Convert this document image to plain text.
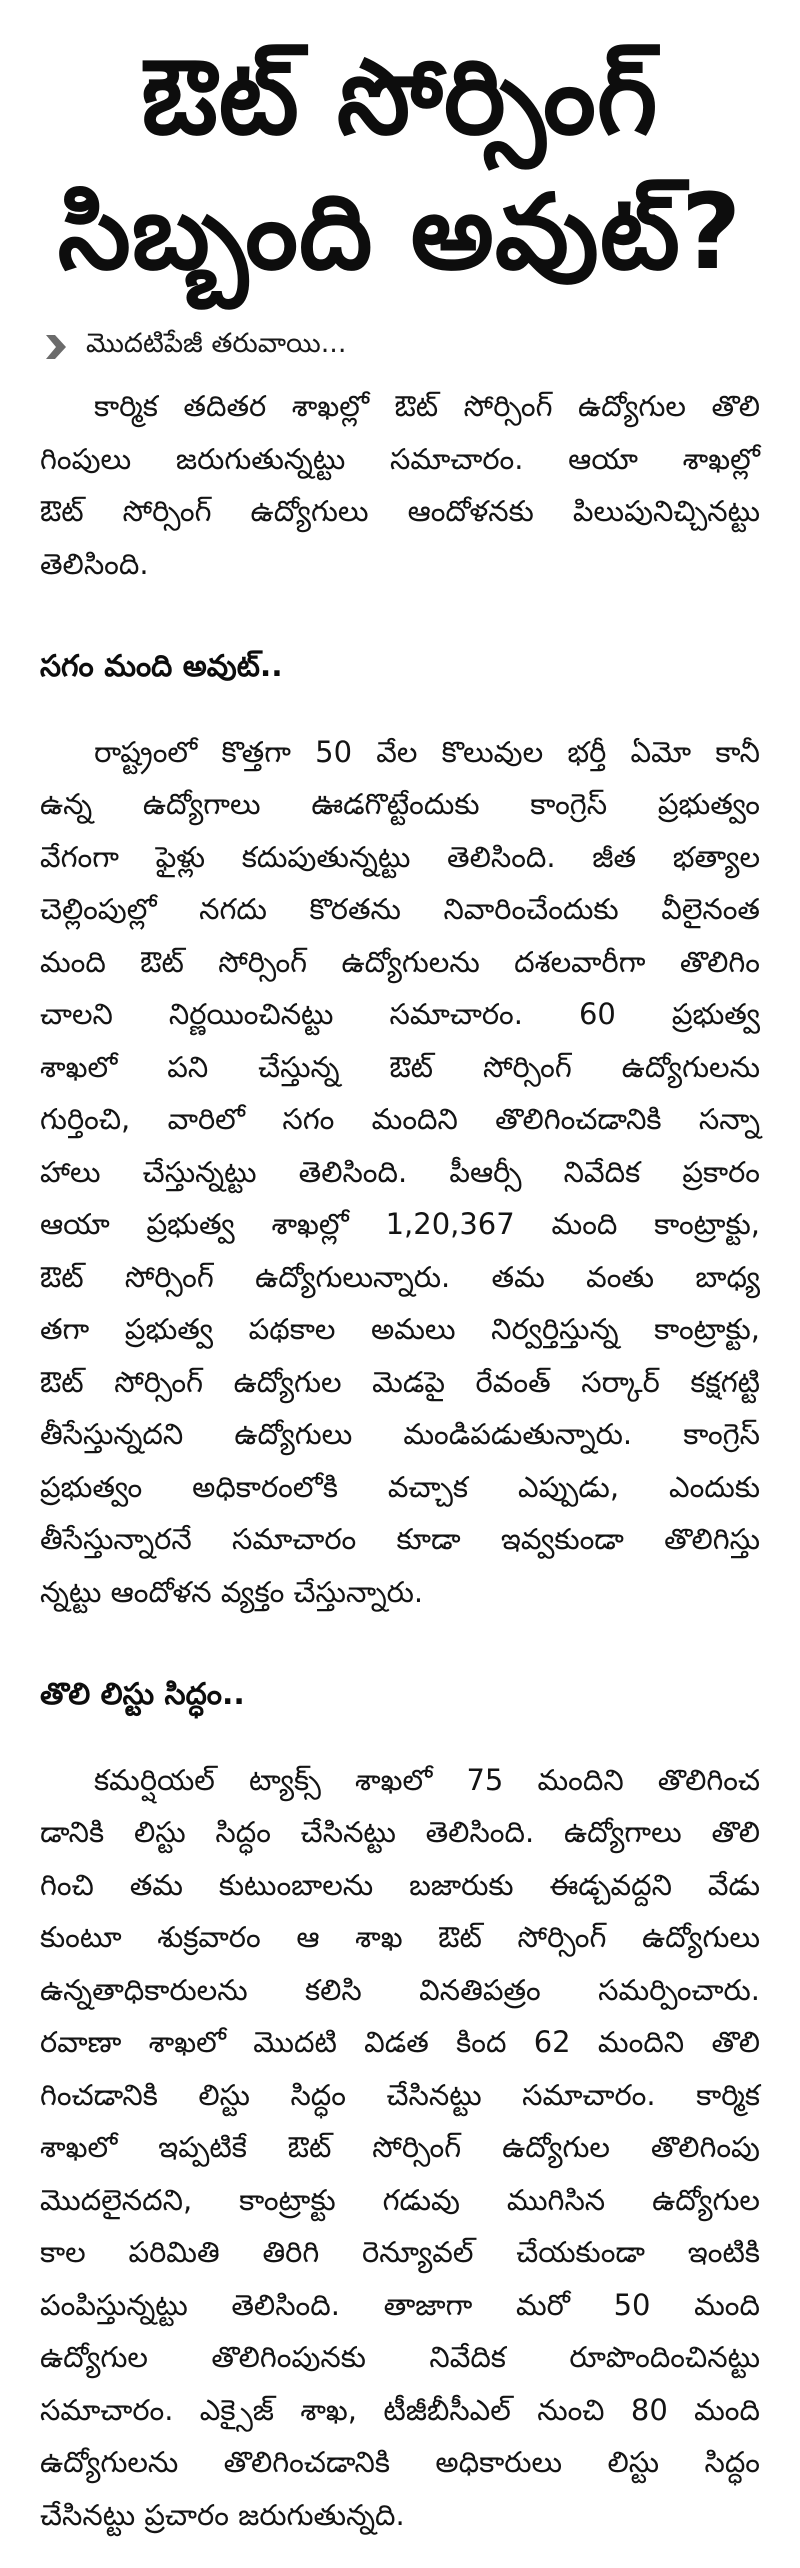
ఔట్ సోర్సింగ్
సిబ్బంది అవుట్?
మొదటిపేజీ తరువాయి...
కార్మిక తదితర శాఖల్లో ఔట్ సోర్సింగ్ ఉద్యోగుల తొలి
గింపులు జరుగుతున్నట్టు సమాచారం. ఆయా శాఖల్లో
ఔట్ సోర్సింగ్ ఉద్యోగులు ఆందోళనకు పిలుపునిచ్చినట్టు
తెలిసింది.
సగం మంది అవుట్..
రాష్ట్రంలో కొత్తగా 50 వేల కొలువుల భర్తీ ఏమో కానీ
ఉన్న ఉద్యోగాలు ఊడగొట్టేందుకు కాంగ్రెస్ ప్రభుత్వం
వేగంగా ఫైళ్లు కదుపుతున్నట్టు తెలిసింది. జీత భత్యాల
చెల్లింపుల్లో నగదు కొరతను నివారించేందుకు వీలైనంత
మంది ఔట్ సోర్సింగ్ ఉద్యోగులను దశలవారీగా తొలిగిం
చాలని నిర్ణయించినట్టు సమాచారం. 60 ప్రభుత్వ
శాఖలో పని చేస్తున్న ఔట్ సోర్సింగ్ ఉద్యోగులను
గుర్తించి, వారిలో సగం మందిని తొలిగించడానికి సన్నా
హాలు చేస్తున్నట్టు తెలిసింది. పీఆర్సీ నివేదిక ప్రకారం
ఆయా ప్రభుత్వ శాఖల్లో 1,20,367 మంది కాంట్రాక్టు,
ఔట్ సోర్సింగ్ ఉద్యోగులున్నారు. తమ వంతు బాధ్య
తగా ప్రభుత్వ పథకాల అమలు నిర్వర్తిస్తున్న కాంట్రాక్టు,
ఔట్ సోర్సింగ్ ఉద్యోగుల మెడపై రేవంత్ సర్కార్ కక్షగట్టి
తీసేస్తున్నదని ఉద్యోగులు మండిపడుతున్నారు. కాంగ్రెస్
ప్రభుత్వం అధికారంలోకి వచ్చాక ఎప్పుడు, ఎందుకు
తీసేస్తున్నారనే సమాచారం కూడా ఇవ్వకుండా తొలిగిస్తు
న్నట్టు ఆందోళన వ్యక్తం చేస్తున్నారు.
తొలి లిస్టు సిద్ధం..
కమర్షియల్ ట్యాక్స్ శాఖలో 75 మందిని తొలిగించ
డానికి లిస్టు సిద్ధం చేసినట్టు తెలిసింది. ఉద్యోగాలు తొలి
గించి తమ కుటుంబాలను బజారుకు ఈడ్చవద్దని వేడు
కుంటూ శుక్రవారం ఆ శాఖ ఔట్ సోర్సింగ్ ఉద్యోగులు
ఉన్నతాధికారులను కలిసి వినతిపత్రం సమర్పించారు.
రవాణా శాఖలో మొదటి విడత కింద 62 మందిని తొలి
గించడానికి లిస్టు సిద్ధం చేసినట్టు సమాచారం. కార్మిక
శాఖలో ఇప్పటికే ఔట్ సోర్సింగ్ ఉద్యోగుల తొలిగింపు
మొదలైనదని, కాంట్రాక్టు గడువు ముగిసిన ఉద్యోగుల
కాల పరిమితి తిరిగి రెన్యూవల్ చేయకుండా ఇంటికి
పంపిస్తున్నట్టు తెలిసింది. తాజాగా మరో 50 మంది
ఉద్యోగుల తొలిగింపునకు నివేదిక రూపొందించినట్టు
సమాచారం. ఎక్సైజ్ శాఖ, టీజీబీసీఎల్ నుంచి 80 మంది
ఉద్యోగులను తొలిగించడానికి అధికారులు లిస్టు సిద్ధం
చేసినట్టు ప్రచారం జరుగుతున్నది.
